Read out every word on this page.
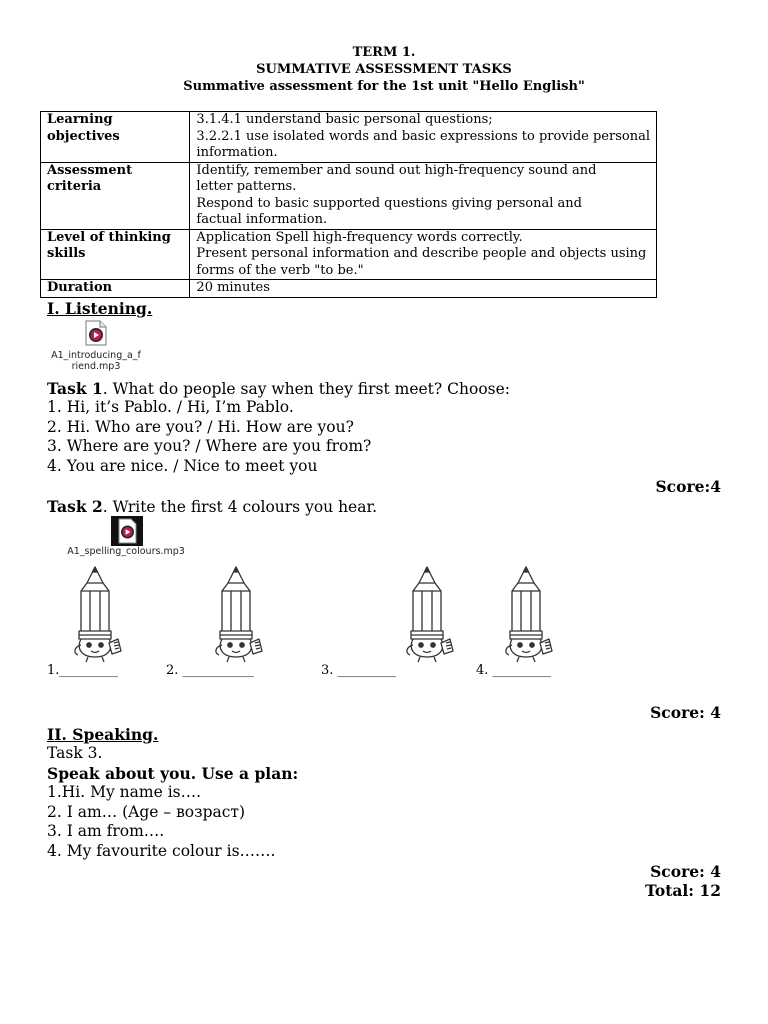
TERM 1.
SUMMATIVE ASSESSMENT TASKS
Summative assessment for the 1st unit "Hello English"
Learning objectives	3.1.4.1 understand basic personal questions;
3.2.2.1 use isolated words and basic expressions to provide personal
information.

Assessment criteria	Identify, remember and sound out high-frequency sound and
letter patterns.
Respond to basic supported questions giving personal and
factual information.

Level of thinking skills	Application Spell high-frequency words correctly.
Present personal information and describe people and objects using
forms of the verb "to be."

Duration	20 minutes
I. Listening.
A1_introducing_a_f
riend.mp3
Task 1. What do people say when they first meet? Choose:
1. Hi, it’s Pablo. / Hi, I’m Pablo.
2. Hi. Who are you? / Hi. How are you?
3. Where are you? / Where are you from?
4. You are nice. / Nice to meet you
Score:4
Task 2. Write the first 4 colours you hear.
A1_spelling_colours.mp3
1._________	2. ___________	3. _________	4. _________
Score: 4
II. Speaking.
Task 3.
Speak about you. Use a plan:
1.Hi. My name is….
2. I am… (Age – возраст)
3. I am from….
4. My favourite colour is…….
Score: 4
Total: 12
